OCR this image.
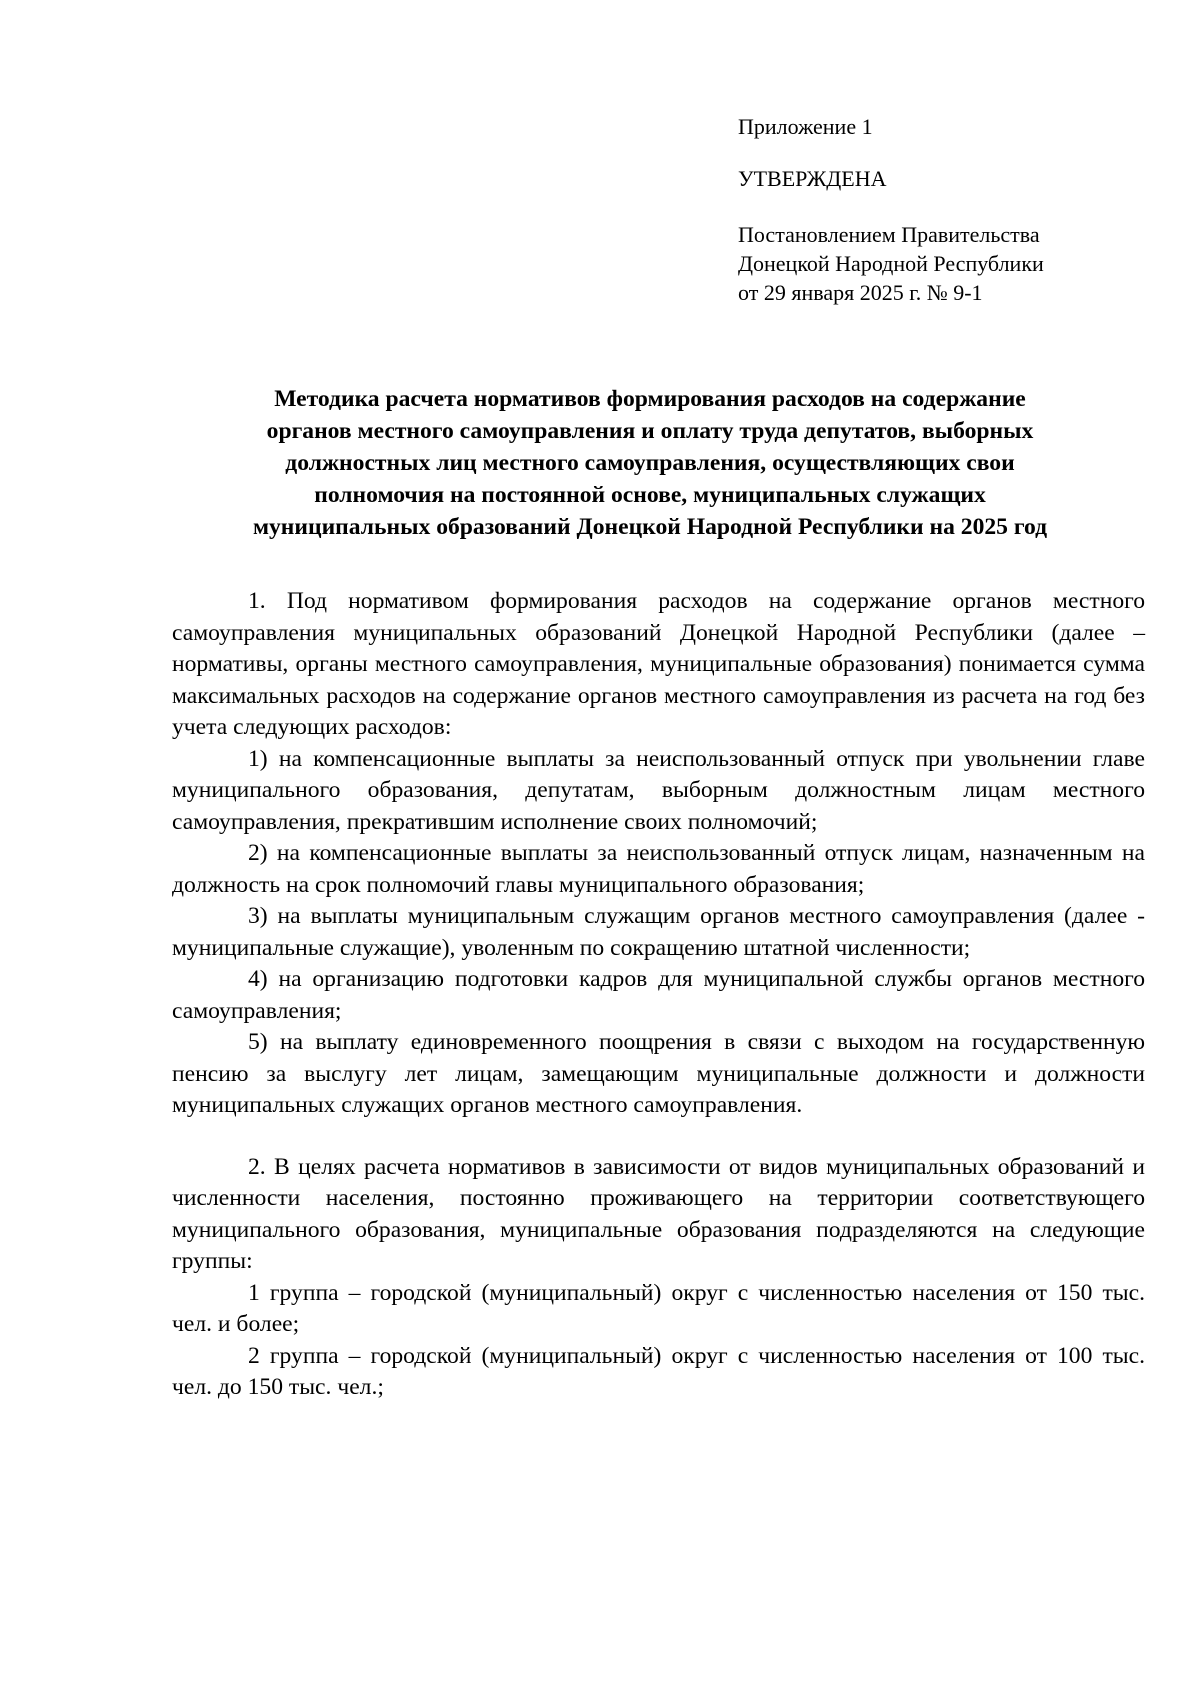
Приложение 1
УТВЕРЖДЕНА
Постановлением Правительства
Донецкой Народной Республики
от 29 января 2025 г. № 9-1
Методика расчета нормативов формирования расходов на содержание
органов местного самоуправления и оплату труда депутатов, выборных
должностных лиц местного самоуправления, осуществляющих свои
полномочия на постоянной основе, муниципальных служащих
муниципальных образований Донецкой Народной Республики на 2025 год

1. Под нормативом формирования расходов на содержание органов местного самоуправления муниципальных образований Донецкой Народной Республики (далее – нормативы, органы местного самоуправления, муниципальные образования) понимается сумма максимальных расходов на содержание органов местного самоуправления из расчета на год без учета следующих расходов:

1) на компенсационные выплаты за неиспользованный отпуск при увольнении главе муниципального образования, депутатам, выборным должностным лицам местного самоуправления, прекратившим исполнение своих полномочий;

2) на компенсационные выплаты за неиспользованный отпуск лицам, назначенным на должность на срок полномочий главы муниципального образования;

3) на выплаты муниципальным служащим органов местного самоуправления (далее - муниципальные служащие), уволенным по сокращению штатной численности;

4) на организацию подготовки кадров для муниципальной службы органов местного самоуправления;

5) на выплату единовременного поощрения в связи с выходом на государственную пенсию за выслугу лет лицам, замещающим муниципальные должности и должности муниципальных служащих органов местного самоуправления.

2. В целях расчета нормативов в зависимости от видов муниципальных образований и численности населения, постоянно проживающего на территории соответствующего муниципального образования, муниципальные образования подразделяются на следующие группы:

1 группа – городской (муниципальный) округ с численностью населения от 150 тыс. чел. и более;

2 группа – городской (муниципальный) округ с численностью населения от 100 тыс. чел. до 150 тыс. чел.;
